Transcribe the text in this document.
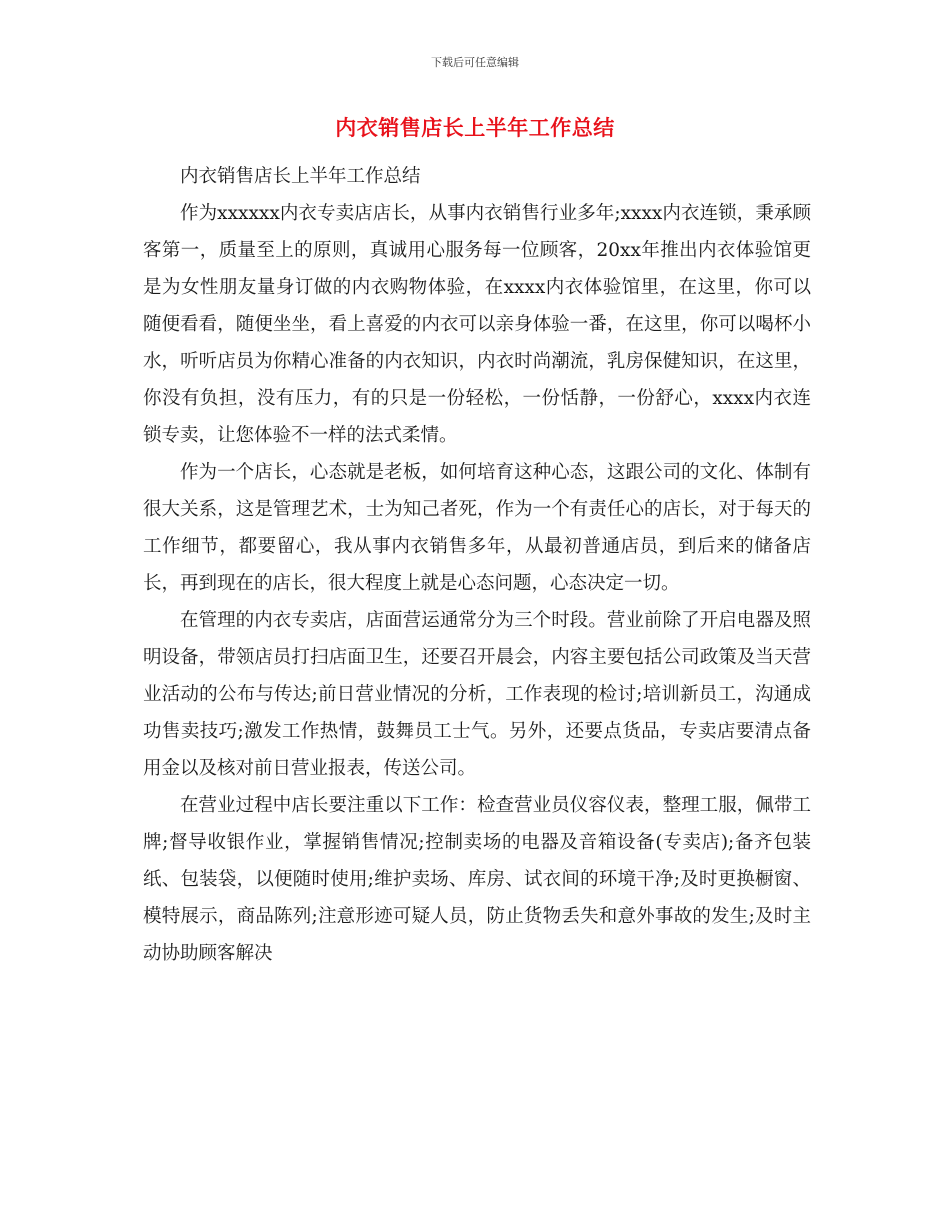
下载后可任意编辑
内衣销售店长上半年工作总结

内衣销售店长上半年工作总结

作为xxxxxx内衣专卖店店长，从事内衣销售行业多年;xxxx内衣连锁，秉承顾客第一，质量至上的原则，真诚用心服务每一位顾客，20xx年推出内衣体验馆更是为女性朋友量身订做的内衣购物体验，在xxxx内衣体验馆里，在这里，你可以随便看看，随便坐坐，看上喜爱的内衣可以亲身体验一番，在这里，你可以喝杯小水，听听店员为你精心准备的内衣知识，内衣时尚潮流，乳房保健知识，在这里，你没有负担，没有压力，有的只是一份轻松，一份恬静，一份舒心，xxxx内衣连锁专卖，让您体验不一样的法式柔情。

作为一个店长，心态就是老板，如何培育这种心态，这跟公司的文化、体制有很大关系，这是管理艺术，士为知己者死，作为一个有责任心的店长，对于每天的工作细节，都要留心，我从事内衣销售多年，从最初普通店员，到后来的储备店长，再到现在的店长，很大程度上就是心态问题，心态决定一切。

在管理的内衣专卖店，店面营运通常分为三个时段。营业前除了开启电器及照明设备，带领店员打扫店面卫生，还要召开晨会，内容主要包括公司政策及当天营业活动的公布与传达;前日营业情况的分析，工作表现的检讨;培训新员工，沟通成功售卖技巧;激发工作热情，鼓舞员工士气。另外，还要点货品，专卖店要清点备用金以及核对前日营业报表，传送公司。

在营业过程中店长要注重以下工作：检查营业员仪容仪表，整理工服，佩带工牌;督导收银作业，掌握销售情况;控制卖场的电器及音箱设备(专卖店);备齐包装纸、包装袋，以便随时使用;维护卖场、库房、试衣间的环境干净;及时更换橱窗、模特展示，商品陈列;注意形迹可疑人员，防止货物丢失和意外事故的发生;及时主动协助顾客解决
